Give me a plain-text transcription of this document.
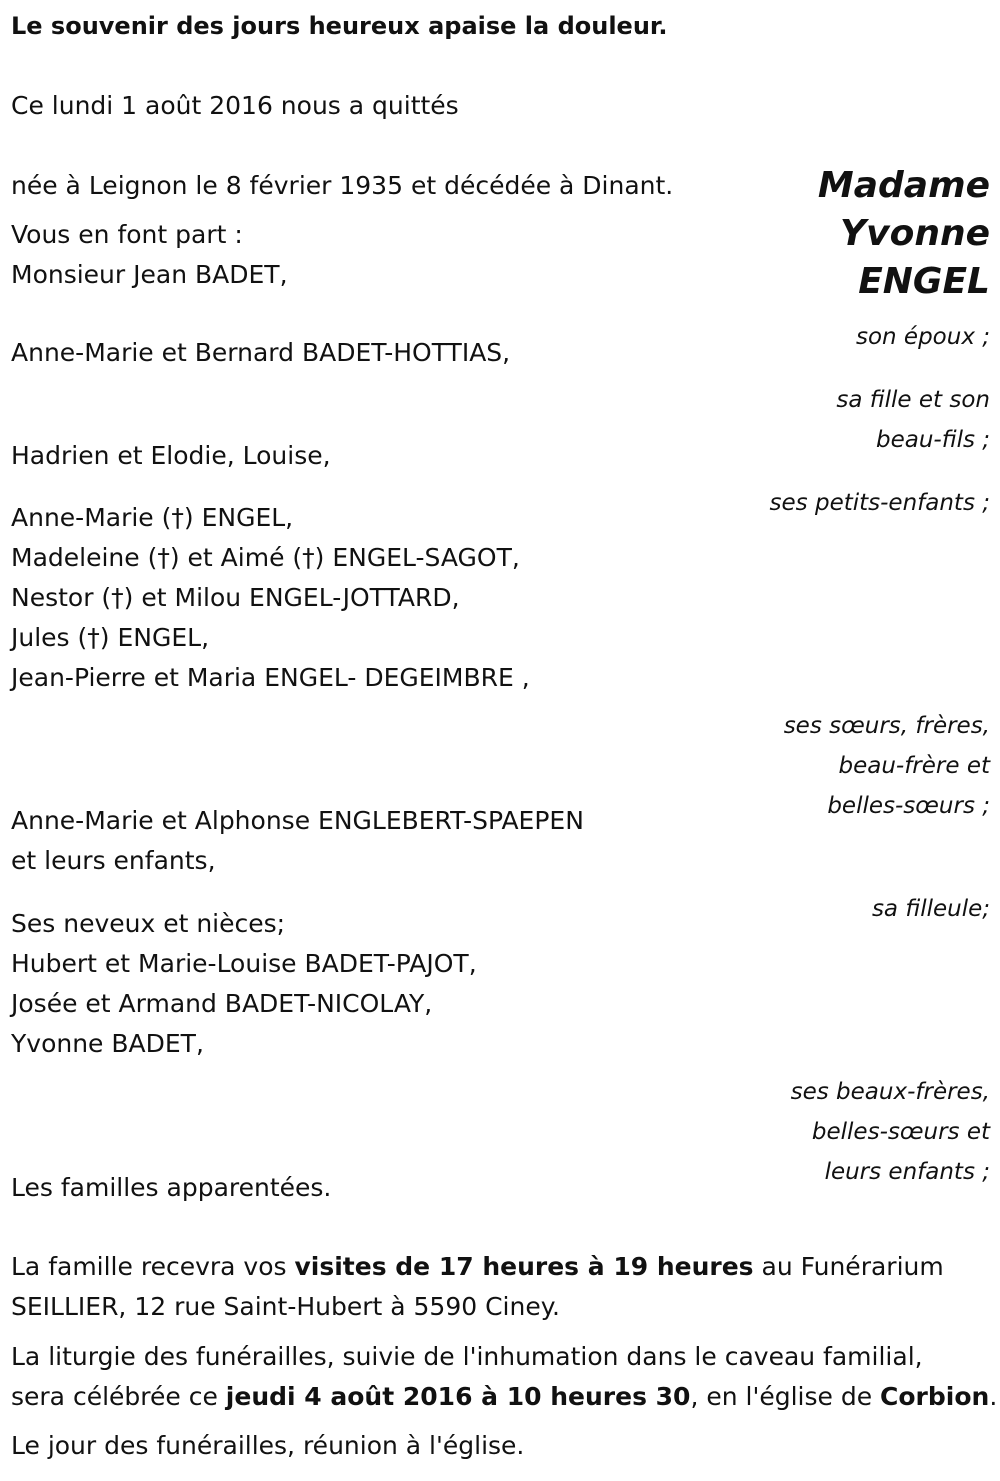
Le souvenir des jours heureux apaise la douleur.

Ce lundi 1 août 2016 nous a quittés

Madame
Yvonne
ENGEL

née à Leignon le 8 février 1935 et décédée à Dinant.

Vous en font part :

Monsieur Jean BADET,

son époux ;

Anne-Marie et Bernard BADET-HOTTIAS,

sa fille et son

beau-fils ;

Hadrien et Elodie, Louise,

ses petits-enfants ;

Anne-Marie (†) ENGEL,

Madeleine (†) et Aimé (†) ENGEL-SAGOT,

Nestor (†) et Milou ENGEL-JOTTARD,

Jules (†) ENGEL,

Jean-Pierre et Maria ENGEL- DEGEIMBRE ,

ses sœurs, frères,

beau-frère et

belles-sœurs ;

Anne-Marie et Alphonse ENGLEBERT-SPAEPEN

et leurs enfants,

sa filleule;

Ses neveux et nièces;

Hubert et Marie-Louise BADET-PAJOT,

Josée et Armand BADET-NICOLAY,

Yvonne BADET,

ses beaux-frères,

belles-sœurs et

leurs enfants ;

Les familles apparentées.

La famille recevra vos visites de 17 heures à 19 heures au Funérarium

SEILLIER, 12 rue Saint-Hubert à 5590 Ciney.

La liturgie des funérailles, suivie de l'inhumation dans le caveau familial,

sera célébrée ce jeudi 4 août 2016 à 10 heures 30, en l'église de Corbion.

Le jour des funérailles, réunion à l'église.
